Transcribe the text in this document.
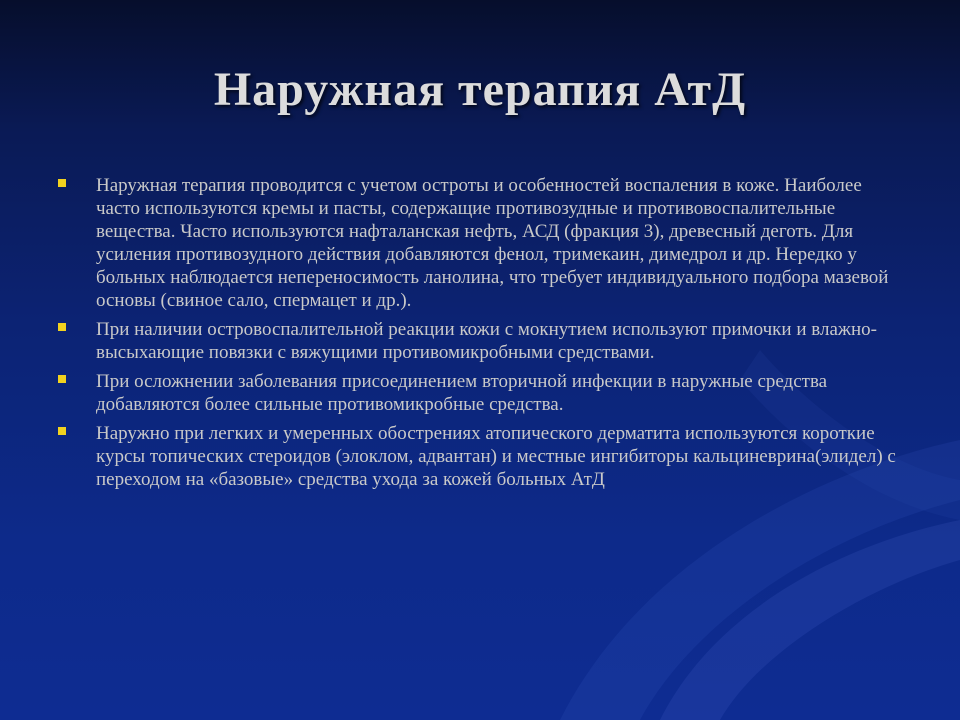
Наружная терапия АтД
Наружная терапия проводится с учетом остроты и особенностей воспаления в коже. Наиболее часто используются кремы и пасты, содержащие противозудные и противовоспалительные вещества. Часто используются нафталанская нефть, АСД (фракция 3), древесный деготь. Для усиления противозудного действия добавляются фенол, тримекаин, димедрол и др. Нередко у больных наблюдается непереносимость ланолина, что требует индивидуального подбора мазевой основы (свиное сало, спермацет и др.).
При наличии островоспалительной реакции кожи с мокнутием используют примочки и влажно-высыхающие повязки с вяжущими противомикробными средствами.
При осложнении заболевания присоединением вторичной инфекции в наружные средства добавляются более сильные противомикробные средства.
Наружно при легких и умеренных обострениях атопического дерматита используются короткие курсы топических стероидов (элоклом, адвантан) и местные ингибиторы кальциневрина(элидел) с переходом на «базовые» средства ухода за кожей больных АтД
